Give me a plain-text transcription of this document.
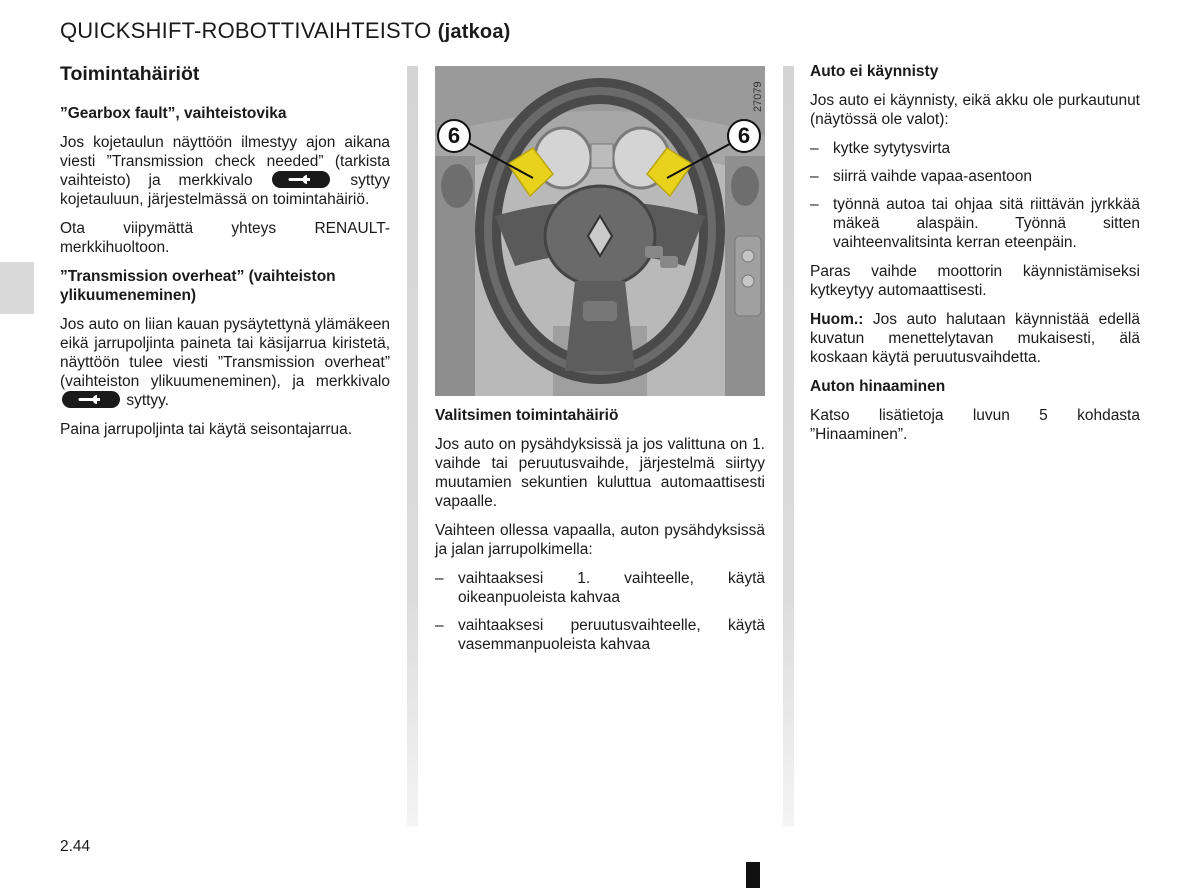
QUICKSHIFT-ROBOTTIVAIHTEISTO (jatkoa)
Toimintahäiriöt

”Gearbox fault”, vaihteistovika

Jos kojetaulun näyttöön ilmestyy ajon aikana viesti ”Transmission check needed” (tarkista vaihteisto) ja merkkivalo	syttyy kojetauluun, järjestelmässä on toimintahäiriö.

Ota viipymättä yhteys RENAULT-merkkihuoltoon.

”Transmission overheat” (vaihteiston ylikuumeneminen)

Jos auto on liian kauan pysäytettynä ylämäkeen eikä jarrupoljinta paineta tai käsijarrua kiristetä, näyttöön tulee viesti ”Transmission overheat” (vaihteiston ylikuumeneminen), ja merkkivalo
syttyy.

Paina jarrupoljinta tai käytä seisontajarrua.

6	6
27079

Valitsimen toimintahäiriö

Jos auto on pysähdyksissä ja jos valittuna on 1. vaihde tai peruutusvaihde, järjestelmä siirtyy muutamien sekuntien kuluttua automaattisesti vapaalle.

Vaihteen ollessa vapaalla, auton pysähdyksissä ja jalan jarrupolkimella:

– vaihtaaksesi 1. vaihteelle, käytä oikeanpuoleista kahvaa
– vaihtaaksesi peruutusvaihteelle, käytä vasemmanpuoleista kahvaa

Auto ei käynnisty

Jos auto ei käynnisty, eikä akku ole purkautunut (näytössä ole valot):

– kytke sytytysvirta
– siirrä vaihde vapaa-asentoon
– työnnä autoa tai ohjaa sitä riittävän jyrkkää mäkeä alaspäin. Työnnä sitten vaihteenvalitsinta kerran eteenpäin.

Paras vaihde moottorin käynnistämiseksi kytkeytyy automaattisesti.

Huom.: Jos auto halutaan käynnistää edellä kuvatun menettelytavan mukaisesti, älä koskaan käytä peruutusvaihdetta.

Auton hinaaminen

Katso lisätietoja luvun 5 kohdasta ”Hinaaminen”.

2.44
